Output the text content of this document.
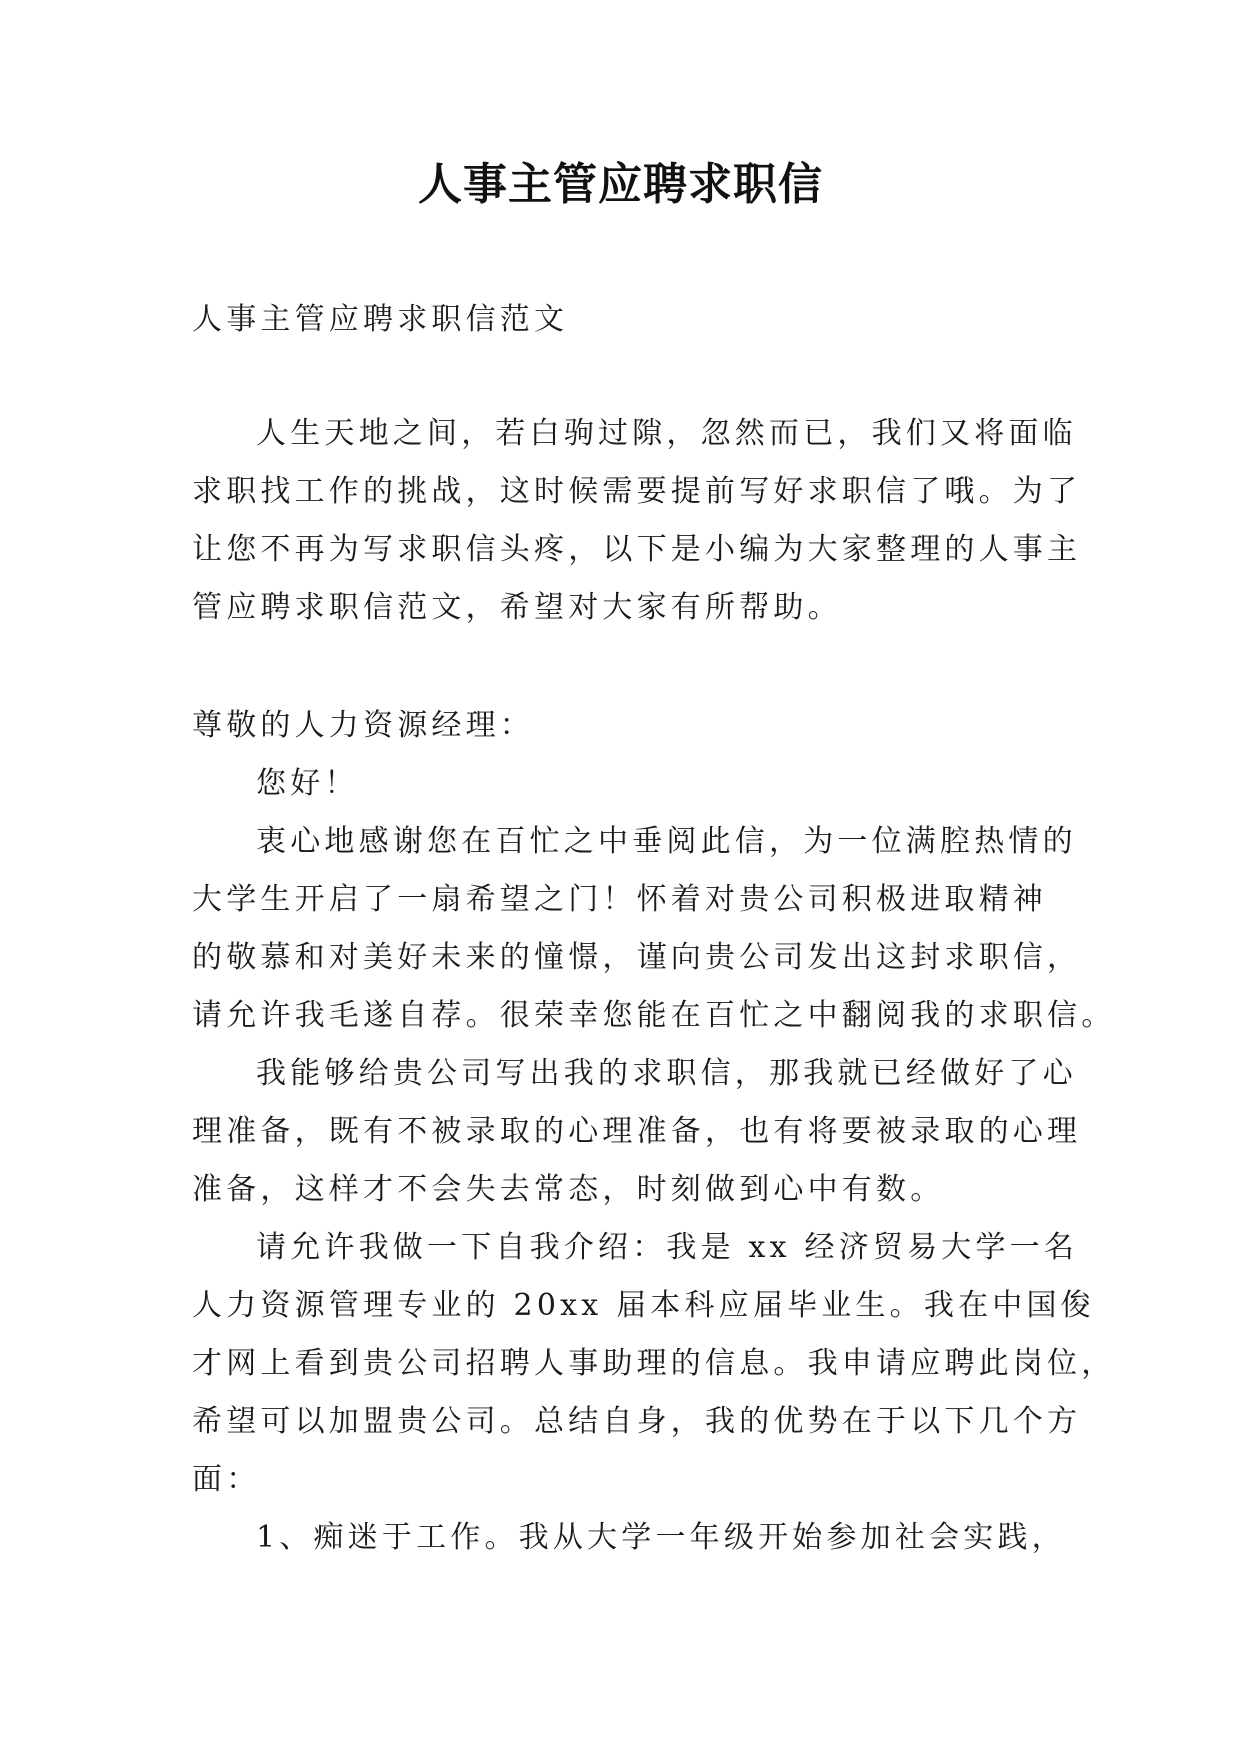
人事主管应聘求职信
人事主管应聘求职信范文
人生天地之间，若白驹过隙，忽然而已，我们又将面临
求职找工作的挑战，这时候需要提前写好求职信了哦。为了
让您不再为写求职信头疼，以下是小编为大家整理的人事主
管应聘求职信范文，希望对大家有所帮助。
尊敬的人力资源经理：
您好！
衷心地感谢您在百忙之中垂阅此信，为一位满腔热情的
大学生开启了一扇希望之门！怀着对贵公司积极进取精神
的敬慕和对美好未来的憧憬，谨向贵公司发出这封求职信，
请允许我毛遂自荐。很荣幸您能在百忙之中翻阅我的求职信。
我能够给贵公司写出我的求职信，那我就已经做好了心
理准备，既有不被录取的心理准备，也有将要被录取的心理
准备，这样才不会失去常态，时刻做到心中有数。
请允许我做一下自我介绍：我是 xx 经济贸易大学一名
人力资源管理专业的 20xx 届本科应届毕业生。我在中国俊
才网上看到贵公司招聘人事助理的信息。我申请应聘此岗位，
希望可以加盟贵公司。总结自身，我的优势在于以下几个方
面：
1、痴迷于工作。我从大学一年级开始参加社会实践，
